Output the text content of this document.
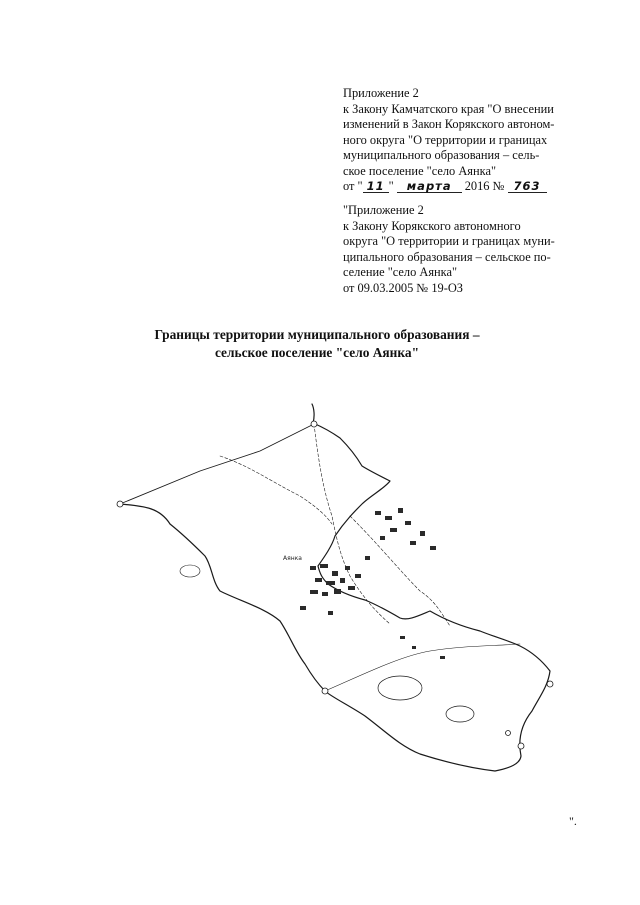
Приложение 2

к Закону Камчатского края "О внесении

изменений в Закон Корякского автоном-

ного округа "О территории и границах

муниципального образования – сель-

ское поселение "село Аянка"

от " 11 " марта 2016 № 763

"Приложение 2

к Закону Корякского автономного

округа "О территории и границах муни-

ципального образования – сельское по-

селение "село Аянка"

от 09.03.2005 № 19-ОЗ

Границы территории муниципального образования –
сельское поселение "село Аянка"
Аянка
".
